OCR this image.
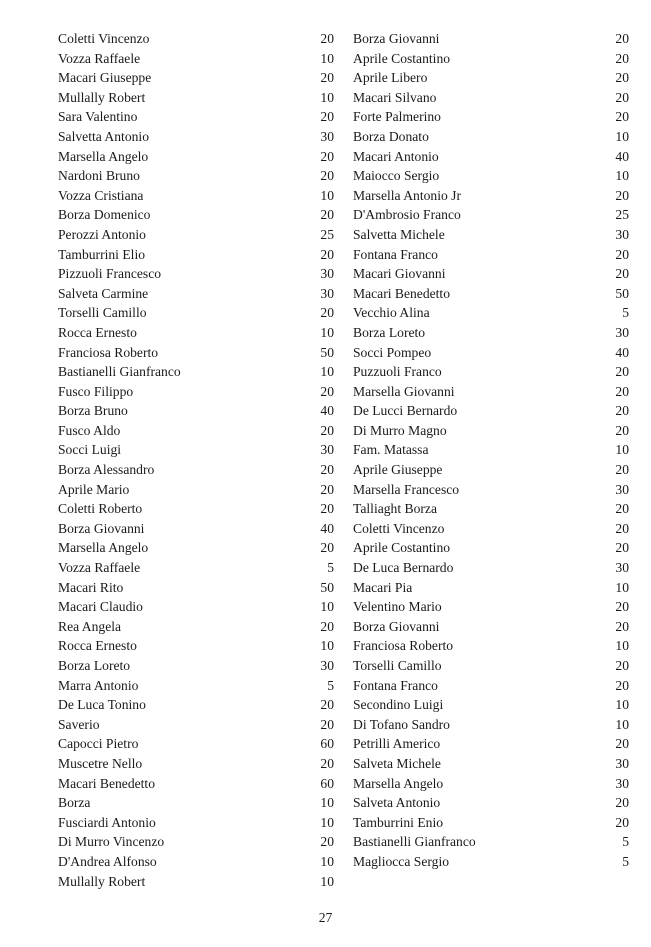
Coletti Vincenzo	20
Vozza Raffaele	10
Macari Giuseppe	20
Mullally Robert	10
Sara Valentino	20
Salvetta Antonio	30
Marsella Angelo	20
Nardoni Bruno	20
Vozza Cristiana	10
Borza Domenico	20
Perozzi Antonio	25
Tamburrini Elio	20
Pizzuoli Francesco	30
Salveta Carmine	30
Torselli Camillo	20
Rocca Ernesto	10
Franciosa Roberto	50
Bastianelli Gianfranco	10
Fusco Filippo	20
Borza Bruno	40
Fusco Aldo	20
Socci Luigi	30
Borza Alessandro	20
Aprile Mario	20
Coletti Roberto	20
Borza Giovanni	40
Marsella Angelo	20
Vozza Raffaele	5
Macari Rito	50
Macari Claudio	10
Rea Angela	20
Rocca Ernesto	10
Borza Loreto	30
Marra Antonio	5
De Luca Tonino	20
Saverio	20
Capocci Pietro	60
Muscetre Nello	20
Macari Benedetto	60
Borza	10
Fusciardi Antonio	10
Di Murro Vincenzo	20
D'Andrea Alfonso	10
Mullally Robert	10
Borza Giovanni	20
Aprile Costantino	20
Aprile Libero	20
Macari Silvano	20
Forte Palmerino	20
Borza Donato	10
Macari Antonio	40
Maiocco Sergio	10
Marsella Antonio Jr	20
D'Ambrosio Franco	25
Salvetta Michele	30
Fontana Franco	20
Macari Giovanni	20
Macari Benedetto	50
Vecchio Alina	5
Borza Loreto	30
Socci Pompeo	40
Puzzuoli Franco	20
Marsella Giovanni	20
De Lucci Bernardo	20
Di Murro Magno	20
Fam. Matassa	10
Aprile Giuseppe	20
Marsella Francesco	30
Talliaght Borza	20
Coletti Vincenzo	20
Aprile Costantino	20
De Luca Bernardo	30
Macari Pia	10
Velentino Mario	20
Borza Giovanni	20
Franciosa Roberto	10
Torselli Camillo	20
Fontana Franco	20
Secondino Luigi	10
Di Tofano Sandro	10
Petrilli Americo	20
Salveta Michele	30
Marsella Angelo	30
Salveta Antonio	20
Tamburrini Enio	20
Bastianelli Gianfranco	5
Magliocca Sergio	5
27
